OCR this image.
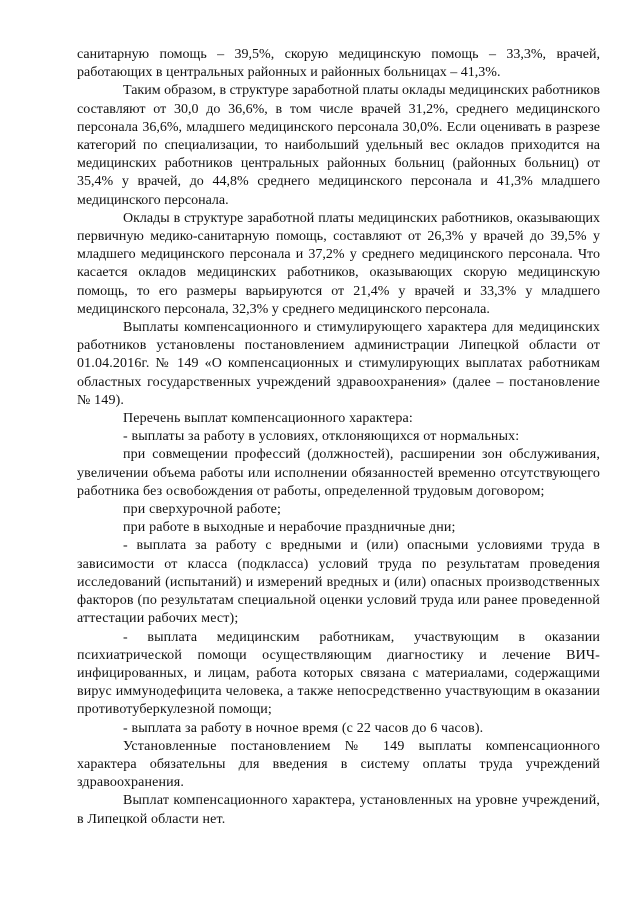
санитарную помощь – 39,5%, скорую медицинскую помощь – 33,3%, врачей, работающих в центральных районных и районных больницах – 41,3%.

Таким образом, в структуре заработной платы оклады медицинских работников составляют от 30,0 до 36,6%, в том числе врачей 31,2%, среднего медицинского персонала 36,6%, младшего медицинского персонала 30,0%. Если оценивать в разрезе категорий по специализации, то наибольший удельный вес окладов приходится на медицинских работников центральных районных больниц (районных больниц) от 35,4% у врачей, до 44,8% среднего медицинского персонала и 41,3% младшего медицинского персонала.

Оклады в структуре заработной платы медицинских работников, оказывающих первичную медико-санитарную помощь, составляют от 26,3% у врачей до 39,5% у младшего медицинского персонала и 37,2% у среднего медицинского персонала. Что касается окладов медицинских работников, оказывающих скорую медицинскую помощь, то его размеры варьируются от 21,4% у врачей и 33,3% у младшего медицинского персонала, 32,3% у среднего медицинского персонала.

Выплаты компенсационного и стимулирующего характера для медицинских работников установлены постановлением администрации Липецкой области от 01.04.2016г. № 149 «О компенсационных и стимулирующих выплатах работникам областных государственных учреждений здравоохранения» (далее – постановление № 149).

Перечень выплат компенсационного характера:

- выплаты за работу в условиях, отклоняющихся от нормальных:

при совмещении профессий (должностей), расширении зон обслуживания, увеличении объема работы или исполнении обязанностей временно отсутствующего работника без освобождения от работы, определенной трудовым договором;

при сверхурочной работе;

при работе в выходные и нерабочие праздничные дни;

- выплата за работу с вредными и (или) опасными условиями труда в зависимости от класса (подкласса) условий труда по результатам проведения исследований (испытаний) и измерений вредных и (или) опасных производственных факторов (по результатам специальной оценки условий труда или ранее проведенной аттестации рабочих мест);

- выплата медицинским работникам, участвующим в оказании психиатрической помощи осуществляющим диагностику и лечение ВИЧ-инфицированных, и лицам, работа которых связана с материалами, содержащими вирус иммунодефицита человека, а также непосредственно участвующим в оказании противотуберкулезной помощи;

- выплата за работу в ночное время (с 22 часов до 6 часов).

Установленные постановлением № 149 выплаты компенсационного характера обязательны для введения в систему оплаты труда учреждений здравоохранения.

Выплат компенсационного характера, установленных на уровне учреждений, в Липецкой области нет.
